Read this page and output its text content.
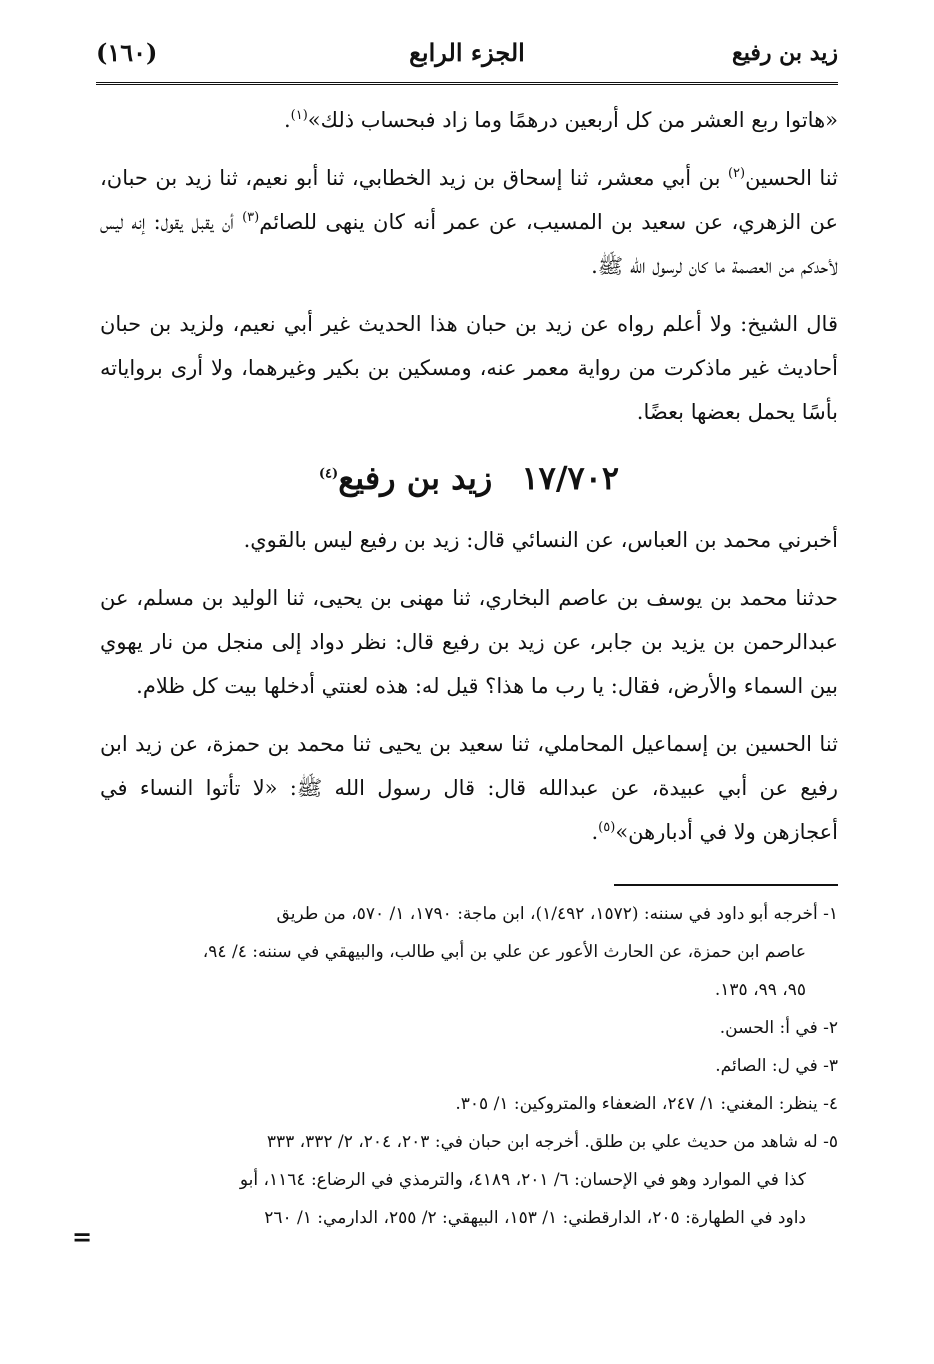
زيد بن رفيع
الجزء الرابع
(١٦٠)

«هاتوا ربع العشر من كل أربعين درهمًا وما زاد فبحساب ذلك»$^{(١)}$.

ثنا الحسين$^{(٢)}$ بن أبي معشر، ثنا إسحاق بن زيد الخطابي، ثنا أبو نعيم، ثنا زيد بن حبان، عن الزهري، عن سعيد بن المسيب، عن عمر أنه كان ينهى للصائم$^{(٣)}$ أن يقبل يقول: إنه ليس لأحدكم من العصمة ما كان لرسول الله ﷺ.

قال الشيخ: ولا أعلم رواه عن زيد بن حبان هذا الحديث غير أبي نعيم، ولزيد بن حبان أحاديث غير ماذكرت من رواية معمر عنه، ومسكين بن بكير وغيرهما، ولا أرى برواياته بأسًا يحمل بعضها بعضًا.

١٧/٧٠٢ زيد بن رفيع$^{(٤)}$

أخبرني محمد بن العباس، عن النسائي قال: زيد بن رفيع ليس بالقوي.

حدثنا محمد بن يوسف بن عاصم البخاري، ثنا مهنى بن يحيى، ثنا الوليد بن مسلم، عن عبدالرحمن بن يزيد بن جابر، عن زيد بن رفيع قال: نظر دواد إلى منجل من نار يهوي بين السماء والأرض، فقال: يا رب ما هذا؟ قيل له: هذه لعنتي أدخلها بيت كل ظلام.

ثنا الحسين بن إسماعيل المحاملي، ثنا سعيد بن يحيى ثنا محمد بن حمزة، عن زيد ابن رفيع عن أبي عبيدة، عن عبدالله قال: قال رسول الله ﷺ: «لا تأتوا النساء في أعجازهن ولا في أدبارهن»$^{(٥)}$.

١- أخرجه أبو داود في سننه: (١٥٧٢، ١/٤٩٢)، ابن ماجة: ١٧٩٠، ١/ ٥٧٠، من طريق

عاصم ابن حمزة، عن الحارث الأعور عن علي بن أبي طالب، والبيهقي في سننه: ٤/ ٩٤،

٩٥، ٩٩، ١٣٥.

٢- في أ: الحسن.

٣- في ل: الصائم.

٤- ينظر: المغني: ١/ ٢٤٧، الضعفاء والمتروكين: ١/ ٣٠٥.

٥- له شاهد من حديث علي بن طلق. أخرجه ابن حبان في: ٢٠٣، ٢٠٤، ٢/ ٣٣٢، ٣٣٣

كذا في الموارد وهو في الإحسان: ٦/ ٢٠١، ٤١٨٩، والترمذي في الرضاع: ١١٦٤، أبو

داود في الطهارة: ٢٠٥، الدارقطني: ١/ ١٥٣، البيهقي: ٢/ ٢٥٥، الدارمي: ١/ ٢٦٠

=
